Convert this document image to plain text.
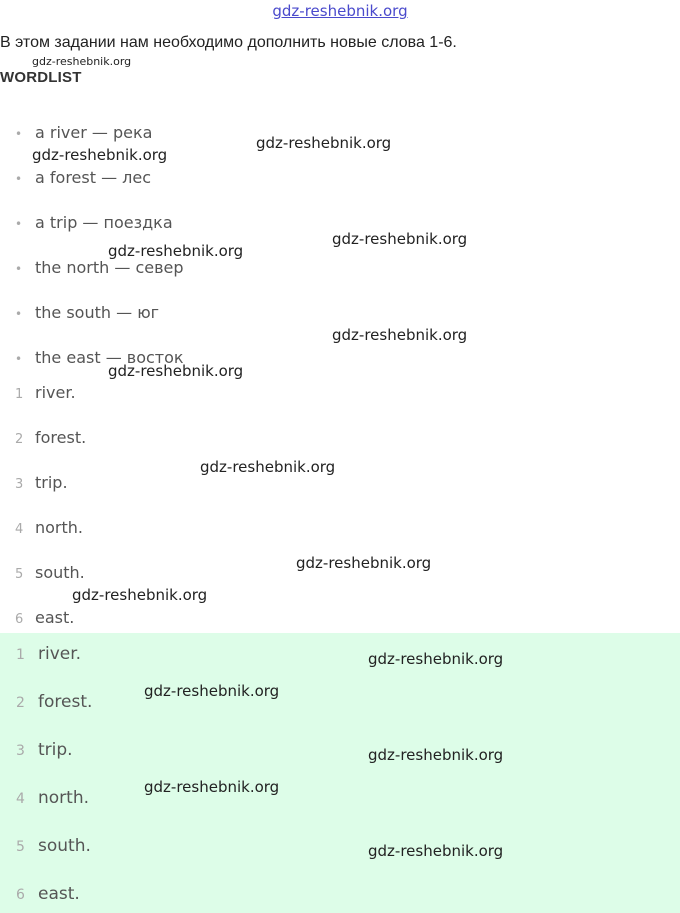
gdz-reshebnik.org
В этом задании нам необходимо дополнить новые слова 1-6.
WORDLIST
• a river — река
• a forest — лес
• a trip — поездка
• the north — север
• the south — юг
• the east — восток
1 river.
2 forest.
3 trip.
4 north.
5 south.
6 east.
1 river.
2 forest.
3 trip.
4 north.
5 south.
6 east.
gdz-reshebnik.org
gdz-reshebnik.org
gdz-reshebnik.org
gdz-reshebnik.org
gdz-reshebnik.org
gdz-reshebnik.org
gdz-reshebnik.org
gdz-reshebnik.org
gdz-reshebnik.org
gdz-reshebnik.org
gdz-reshebnik.org
gdz-reshebnik.org
gdz-reshebnik.org
gdz-reshebnik.org
gdz-reshebnik.org
